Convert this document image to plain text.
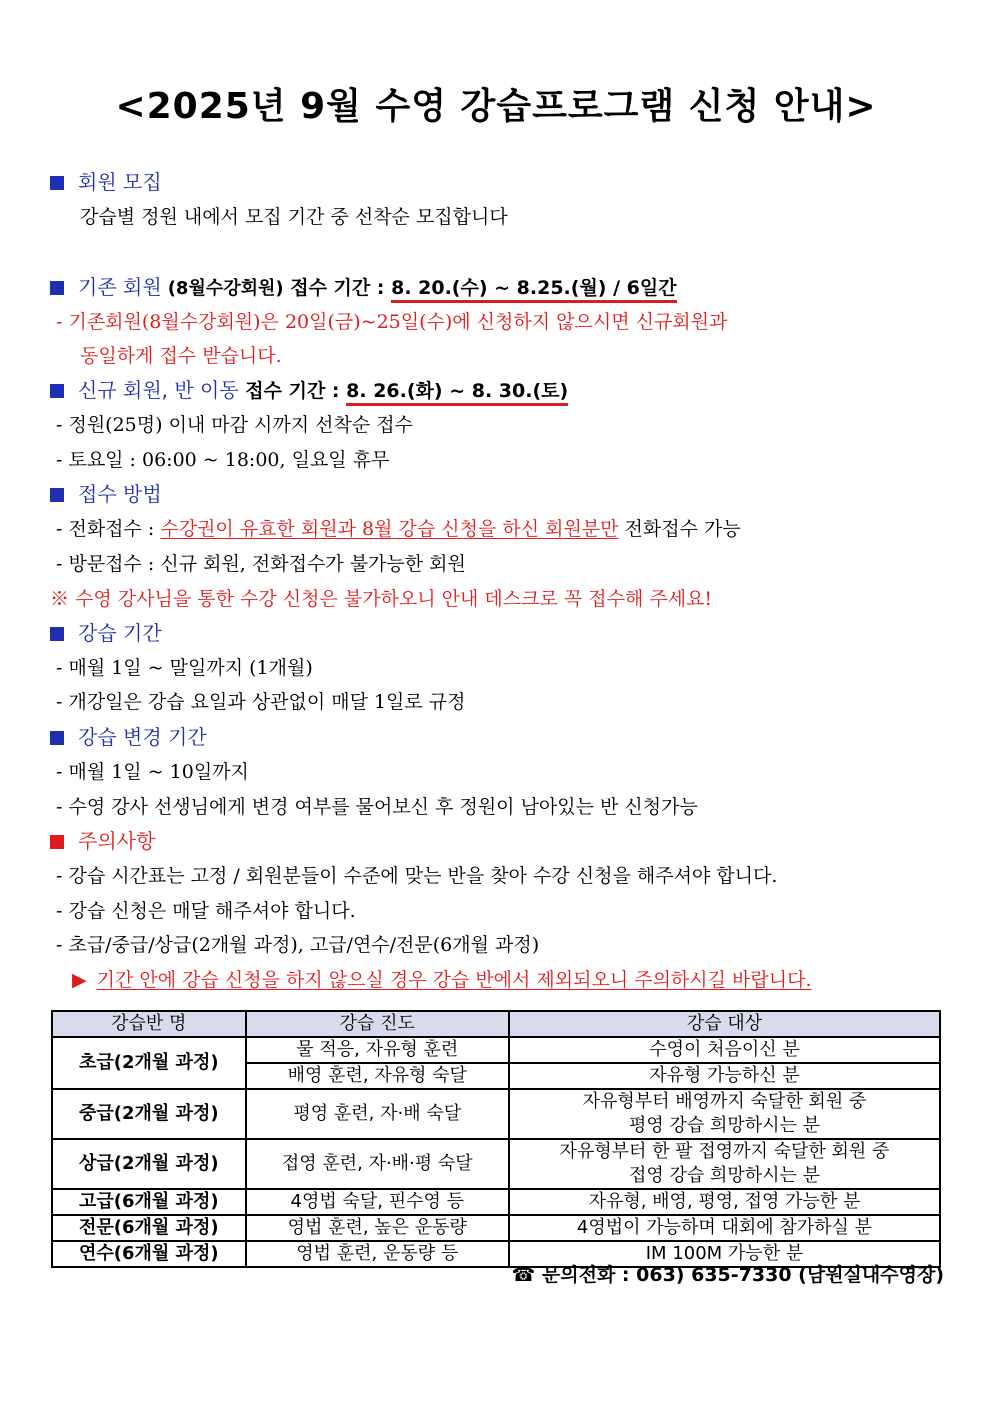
<2025년 9월 수영 강습프로그램 신청 안내>
회원 모집
강습별 정원 내에서 모집 기간 중 선착순 모집합니다
기존 회원 (8월수강회원) 접수 기간 : 8. 20.(수) ~ 8.25.(월) / 6일간
- 기존회원(8월수강회원)은 20일(금)~25일(수)에 신청하지 않으시면 신규회원과
동일하게 접수 받습니다.
신규 회원, 반 이동 접수 기간 : 8. 26.(화) ~ 8. 30.(토)
- 정원(25명) 이내 마감 시까지 선착순 접수
- 토요일 : 06:00 ~ 18:00, 일요일 휴무
접수 방법
- 전화접수 : 수강권이 유효한 회원과 8월 강습 신청을 하신 회원분만 전화접수 가능
- 방문접수 : 신규 회원, 전화접수가 불가능한 회원
※ 수영 강사님을 통한 수강 신청은 불가하오니 안내 데스크로 꼭 접수해 주세요!
강습 기간
- 매월 1일 ~ 말일까지 (1개월)
- 개강일은 강습 요일과 상관없이 매달 1일로 규정
강습 변경 기간
- 매월 1일 ~ 10일까지
- 수영 강사 선생님에게 변경 여부를 물어보신 후 정원이 남아있는 반 신청가능
주의사항
- 강습 시간표는 고정 / 회원분들이 수준에 맞는 반을 찾아 수강 신청을 해주셔야 합니다.
- 강습 신청은 매달 해주셔야 합니다.
- 초급/중급/상급(2개월 과정), 고급/연수/전문(6개월 과정)
▶ 기간 안에 강습 신청을 하지 않으실 경우 강습 반에서 제외되오니 주의하시길 바랍니다.
강습반 명	강습 진도	강습 대상
초급(2개월 과정)	물 적응, 자유형 훈련	수영이 처음이신 분
	배영 훈련, 자유형 숙달	자유형 가능하신 분
중급(2개월 과정)	평영 훈련, 자·배 숙달	자유형부터 배영까지 숙달한 회원 중
평영 강습 희망하시는 분

상급(2개월 과정)	접영 훈련, 자·배·평 숙달	자유형부터 한 팔 접영까지 숙달한 회원 중
접영 강습 희망하시는 분

고급(6개월 과정)	4영법 숙달, 핀수영 등	자유형, 배영, 평영, 접영 가능한 분
전문(6개월 과정)	영법 훈련, 높은 운동량	4영법이 가능하며 대회에 참가하실 분
연수(6개월 과정)	영법 훈련, 운동량 등	IM 100M 가능한 분
☎ 문의전화 : 063) 635-7330 (남원실내수영장)
